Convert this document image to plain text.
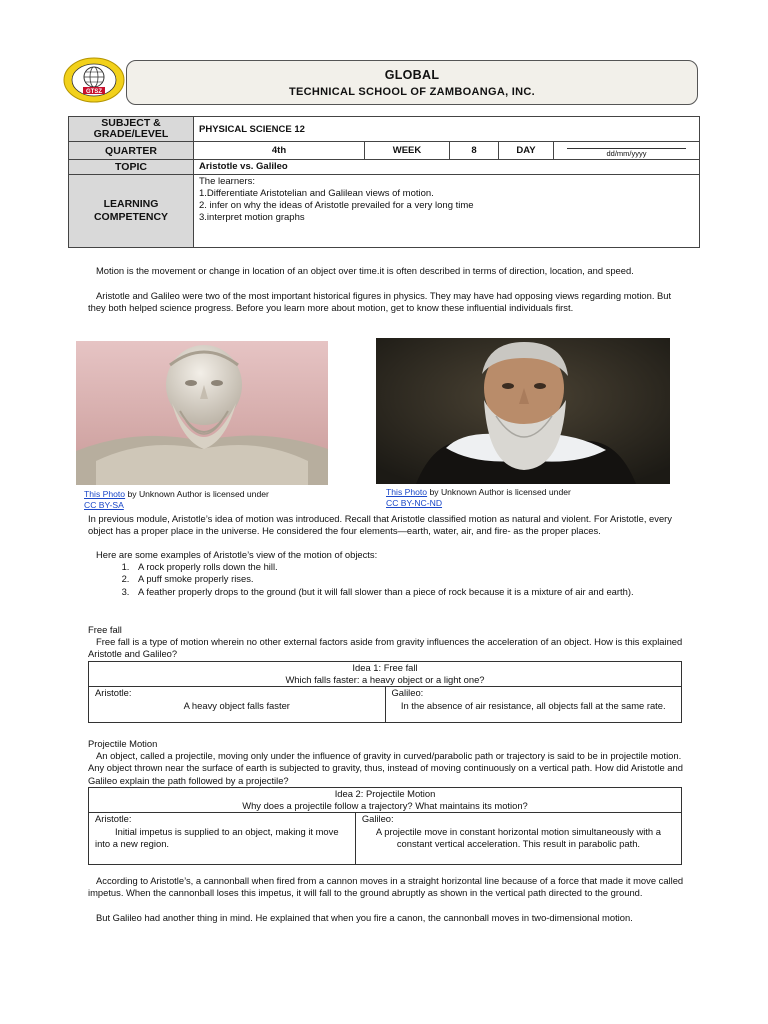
GTSZ
GLOBAL
TECHNICAL SCHOOL OF ZAMBOANGA, INC.
SUBJECT & GRADE/LEVEL	PHYSICAL SCIENCE 12				
QUARTER	4th	WEEK	8	DAY	dd/mm/yyyy
TOPIC	Aristotle vs. Galileo				
LEARNING COMPETENCY	The learners:
1.Differentiate Aristotelian and Galilean views of motion.
2. infer on why the ideas of Aristotle prevailed for a very long time
3.interpret motion graphs				
Motion is the movement or change in location of an object over time.it is often described in terms of direction, location, and speed.
Aristotle and Galileo were two of the most important historical figures in physics. They may have had opposing views regarding motion. But they both helped science progress. Before you learn more about motion, get to know these influential individuals first.
This Photo by Unknown Author is licensed under
CC BY-SA
This Photo by Unknown Author is licensed under
CC BY-NC-ND
In previous module, Aristotle’s idea of motion was introduced. Recall that Aristotle classified motion as natural and violent. For Aristotle, every object has a proper place in the universe. He considered the four elements—earth, water, air, and fire- as the proper places.
Here are some examples of Aristotle’s view of the motion of objects:
1. A rock properly rolls down the hill.
2. A puff smoke properly rises.
3. A feather properly drops to the ground (but it will fall slower than a piece of rock because it is a mixture of air and earth).
Free fall
Free fall is a type of motion wherein no other external factors aside from gravity influences the acceleration of an object. How is this explained Aristotle and Galileo?
Idea 1: Free fall
Which falls faster: a heavy object or a light one?

Aristotle:
A heavy object falls faster

Galileo:
In the absence of air resistance, all objects fall at the same rate.
Projectile Motion
An object, called a projectile, moving only under the influence of gravity in curved/parabolic path or trajectory is said to be in projectile motion. Any object thrown near the surface of earth is subjected to gravity, thus, instead of moving continuously on a vertical path. How did Aristotle and Galileo explain the path followed by a projectile?
Idea 2: Projectile Motion
Why does a projectile follow a trajectory? What maintains its motion?

Aristotle:
Initial impetus is supplied to an object, making it move into a new region.

Galileo:
A projectile move in constant horizontal motion simultaneously with a constant vertical acceleration. This result in parabolic path.
According to Aristotle’s, a cannonball when fired from a cannon moves in a straight horizontal line because of a force that made it move called impetus. When the cannonball loses this impetus, it will fall to the ground abruptly as shown in the vertical path directed to the ground.
But Galileo had another thing in mind. He explained that when you fire a canon, the cannonball moves in two-dimensional motion.
